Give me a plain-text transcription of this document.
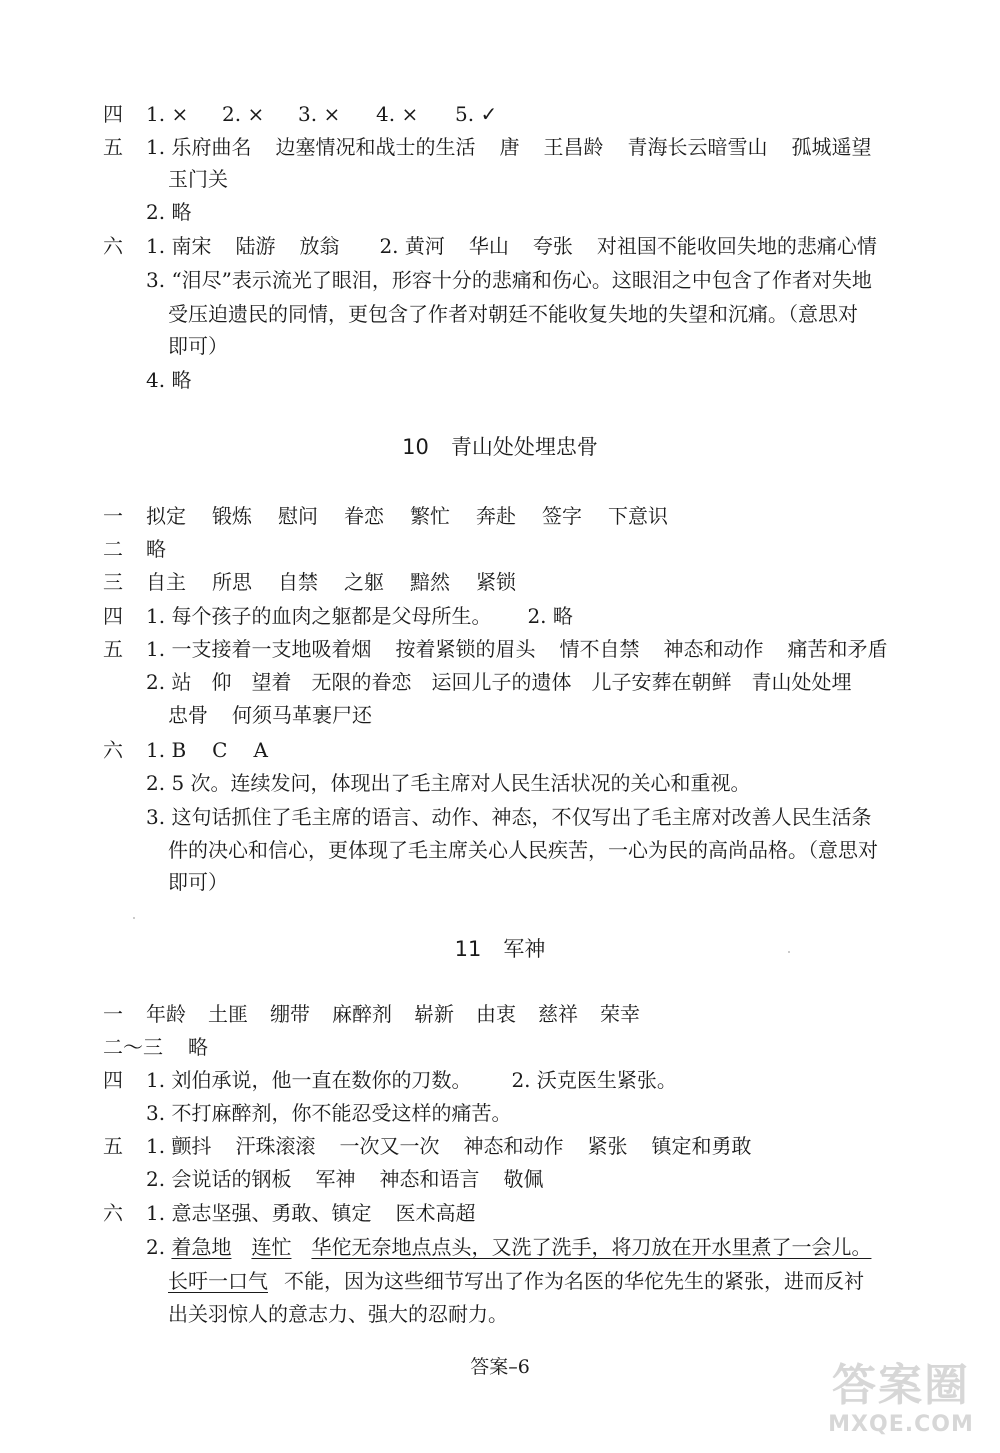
四	1. × 2. × 3. × 4. × 5. ✓
五	1. 乐府曲名 边塞情况和战士的生活 唐 王昌龄 青海长云暗雪山 孤城遥望
玉门关
2. 略
六	1. 南宋 陆游 放翁 2. 黄河 华山 夸张 对祖国不能收回失地的悲痛心情
3. “泪尽”表示流光了眼泪，形容十分的悲痛和伤心。这眼泪之中包含了作者对失地
受压迫遗民的同情，更包含了作者对朝廷不能收复失地的失望和沉痛。（意思对
即可）
4. 略
10 青山处处埋忠骨
一	拟定 锻炼 慰问 眷恋 繁忙 奔赴 签字 下意识
二	略
三	自主 所思 自禁 之躯 黯然 紧锁
四	1. 每个孩子的血肉之躯都是父母所生。 2. 略
五	1. 一支接着一支地吸着烟 按着紧锁的眉头 情不自禁 神态和动作 痛苦和矛盾
2. 站 仰 望着 无限的眷恋 运回儿子的遗体 儿子安葬在朝鲜 青山处处埋
忠骨 何须马革裹尸还
六	1. B C A
2. 5 次。连续发问，体现出了毛主席对人民生活状况的关心和重视。
3. 这句话抓住了毛主席的语言、动作、神态，不仅写出了毛主席对改善人民生活条
件的决心和信心，更体现了毛主席关心人民疾苦，一心为民的高尚品格。（意思对
即可）
11 军神
一	年龄 土匪 绷带 麻醉剂 崭新 由衷 慈祥 荣幸
二～三 略
四	1. 刘伯承说，他一直在数你的刀数。 2. 沃克医生紧张。
3. 不打麻醉剂，你不能忍受这样的痛苦。
五	1. 颤抖 汗珠滚滚 一次又一次 神态和动作 紧张 镇定和勇敢
2. 会说话的钢板 军神 神态和语言 敬佩
六	1. 意志坚强、勇敢、镇定 医术高超
2. 着急地 连忙 华佗无奈地点点头，又洗了洗手，将刀放在开水里煮了一会儿。
长吁一口气 不能，因为这些细节写出了作为名医的华佗先生的紧张，进而反衬
出关羽惊人的意志力、强大的忍耐力。
答案–6	答案圈
MXQE.COM
